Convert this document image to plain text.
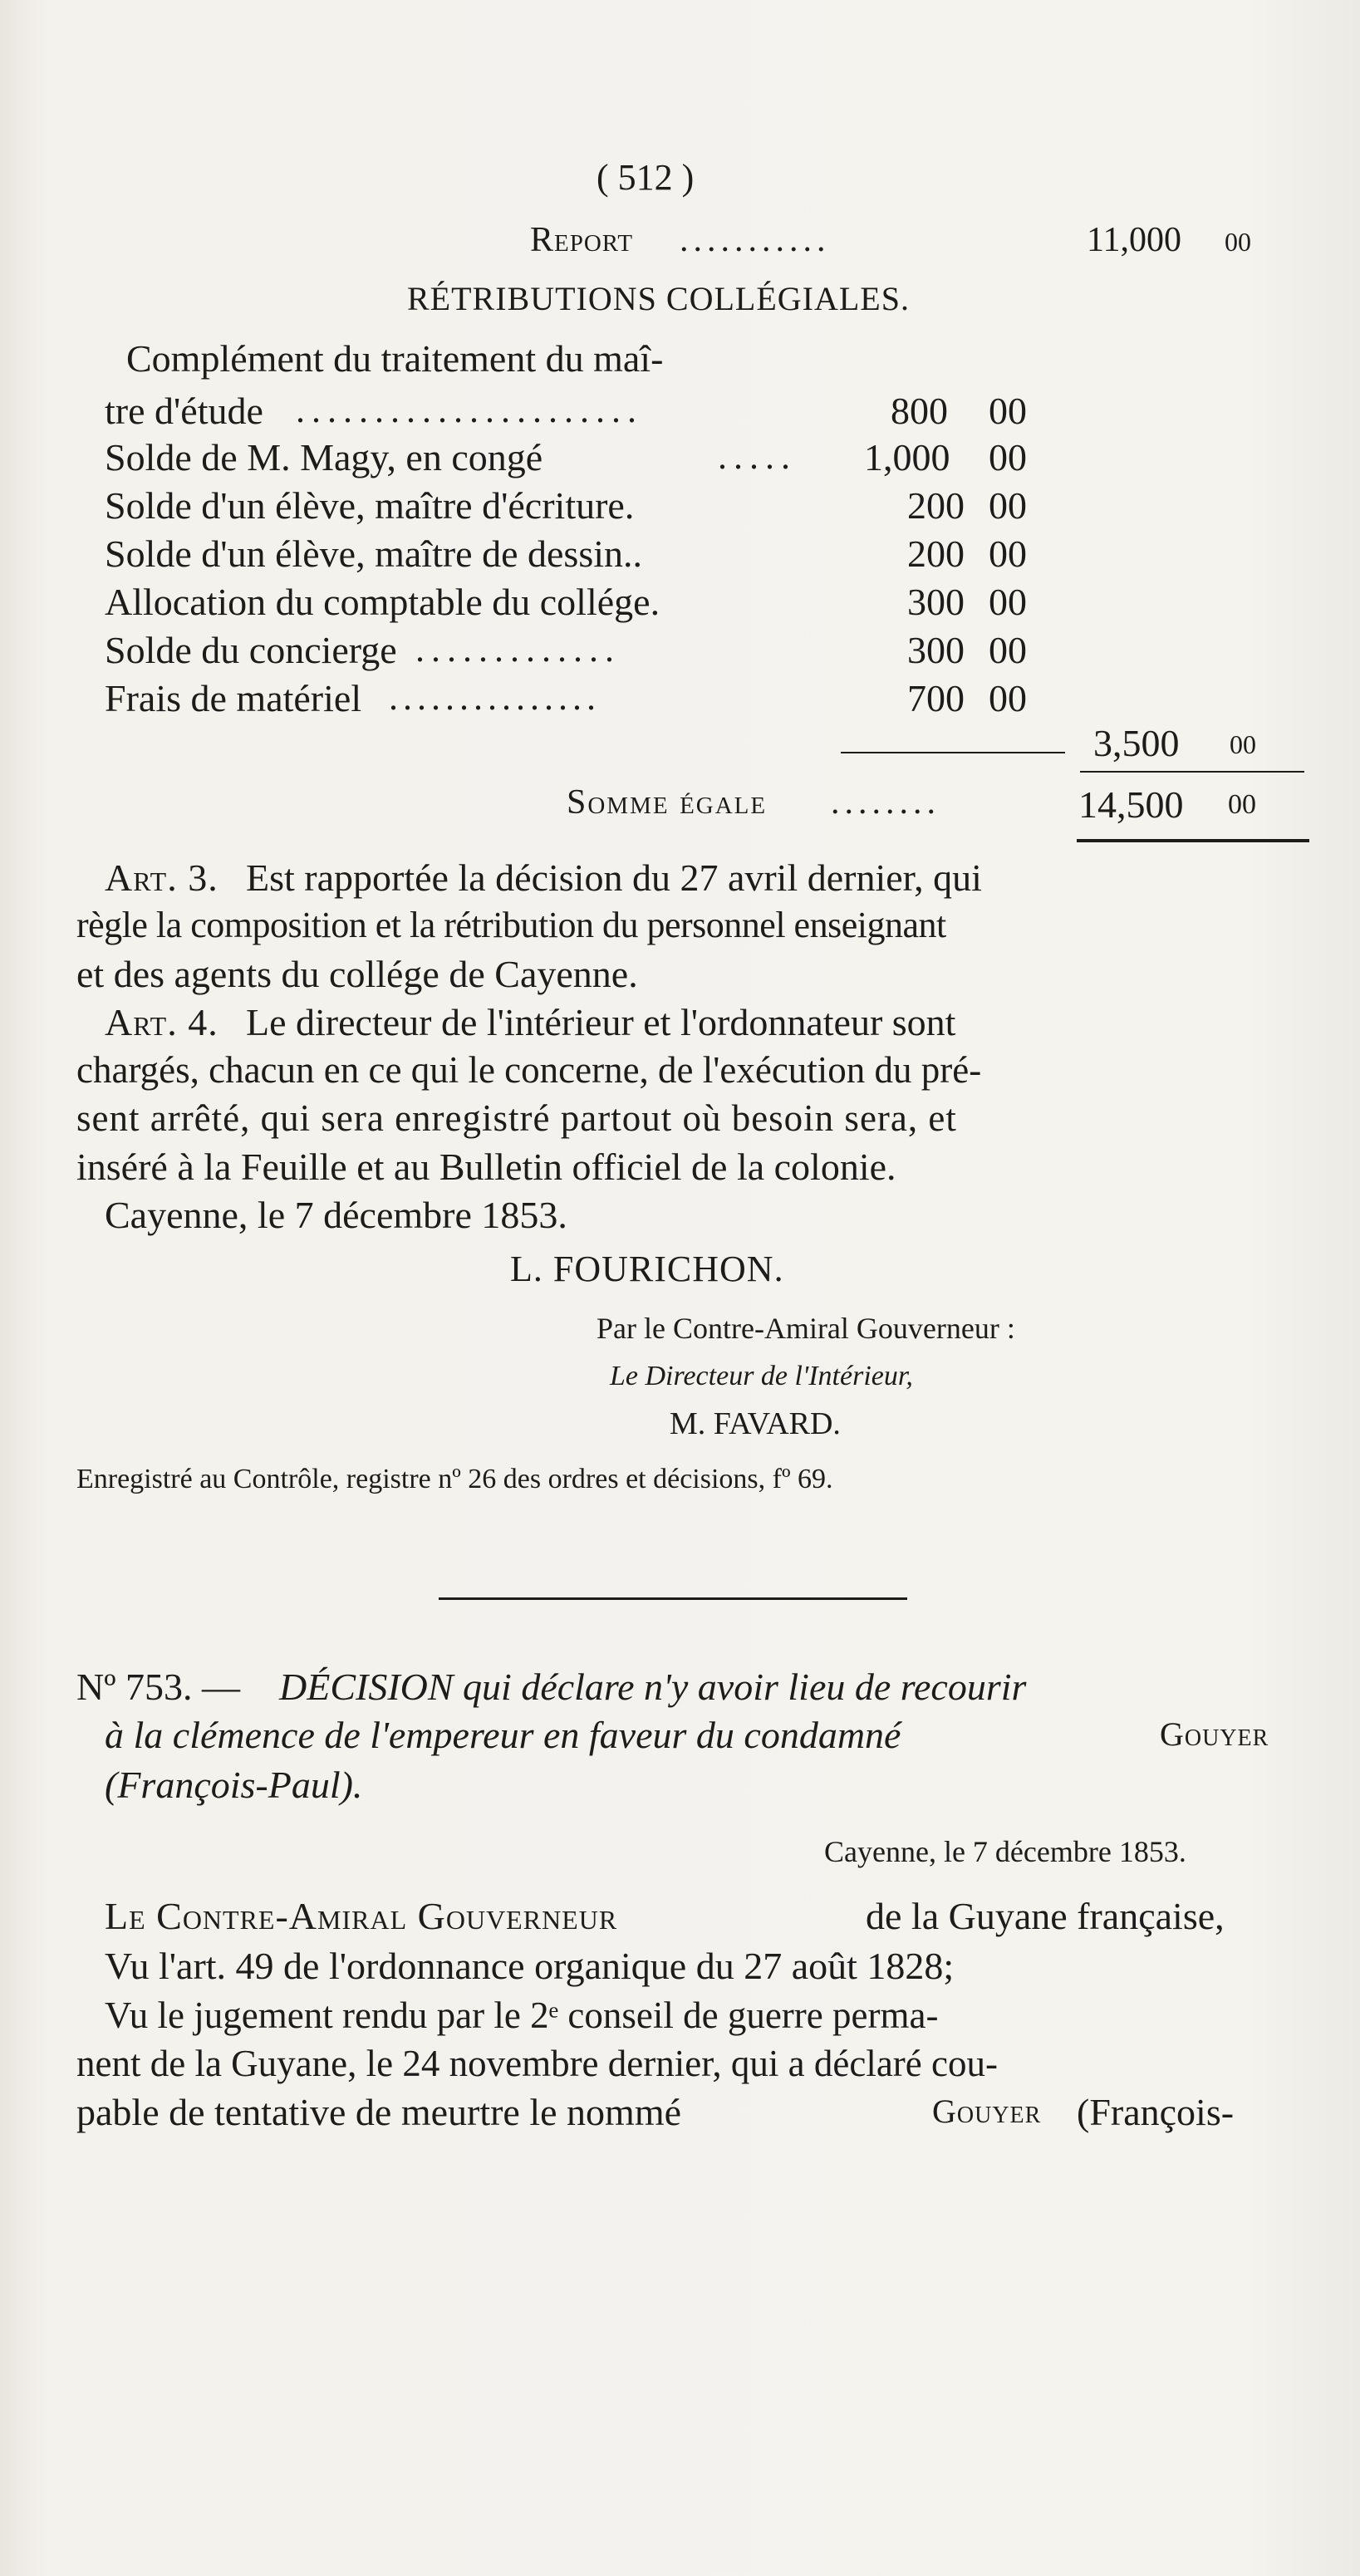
( 512 )
Report ...........	11,000 00
RÉTRIBUTIONS COLLÉGIALES.
Complément du traitement du maî-
tre d'étude ......................	800 00
Solde de M. Magy, en congé	..... 1,000 00
Solde d'un élève, maître d'écriture.	200 00
Solde d'un élève, maître de dessin..	200 00
Allocation du comptable du collége.	300 00
Solde du concierge .............	300 00
Frais de matériel ...............	700 00
3,500 00
Somme égale ........	14,500 00
Art. 3. Est rapportée la décision du 27 avril dernier, qui
règle la composition et la rétribution du personnel enseignant
et des agents du collége de Cayenne.
Art. 4. Le directeur de l'intérieur et l'ordonnateur sont
chargés, chacun en ce qui le concerne, de l'exécution du pré-
sent arrêté, qui sera enregistré partout où besoin sera, et
inséré à la Feuille et au Bulletin officiel de la colonie.
Cayenne, le 7 décembre 1853.
L. FOURICHON.
Par le Contre-Amiral Gouverneur :
Le Directeur de l'Intérieur,
M. FAVARD.
Enregistré au Contrôle, registre nº 26 des ordres et décisions, fº 69.
Nº 753. — DÉCISION qui déclare n'y avoir lieu de recourir
à la clémence de l'empereur en faveur du condamné	Gouyer
(François-Paul).
Cayenne, le 7 décembre 1853.
Le Contre-Amiral Gouverneur	de la Guyane française,
Vu l'art. 49 de l'ordonnance organique du 27 août 1828;
Vu le jugement rendu par le 2ᵉ conseil de guerre perma-
nent de la Guyane, le 24 novembre dernier, qui a déclaré cou-
pable de tentative de meurtre le nommé	Gouyer (François-
